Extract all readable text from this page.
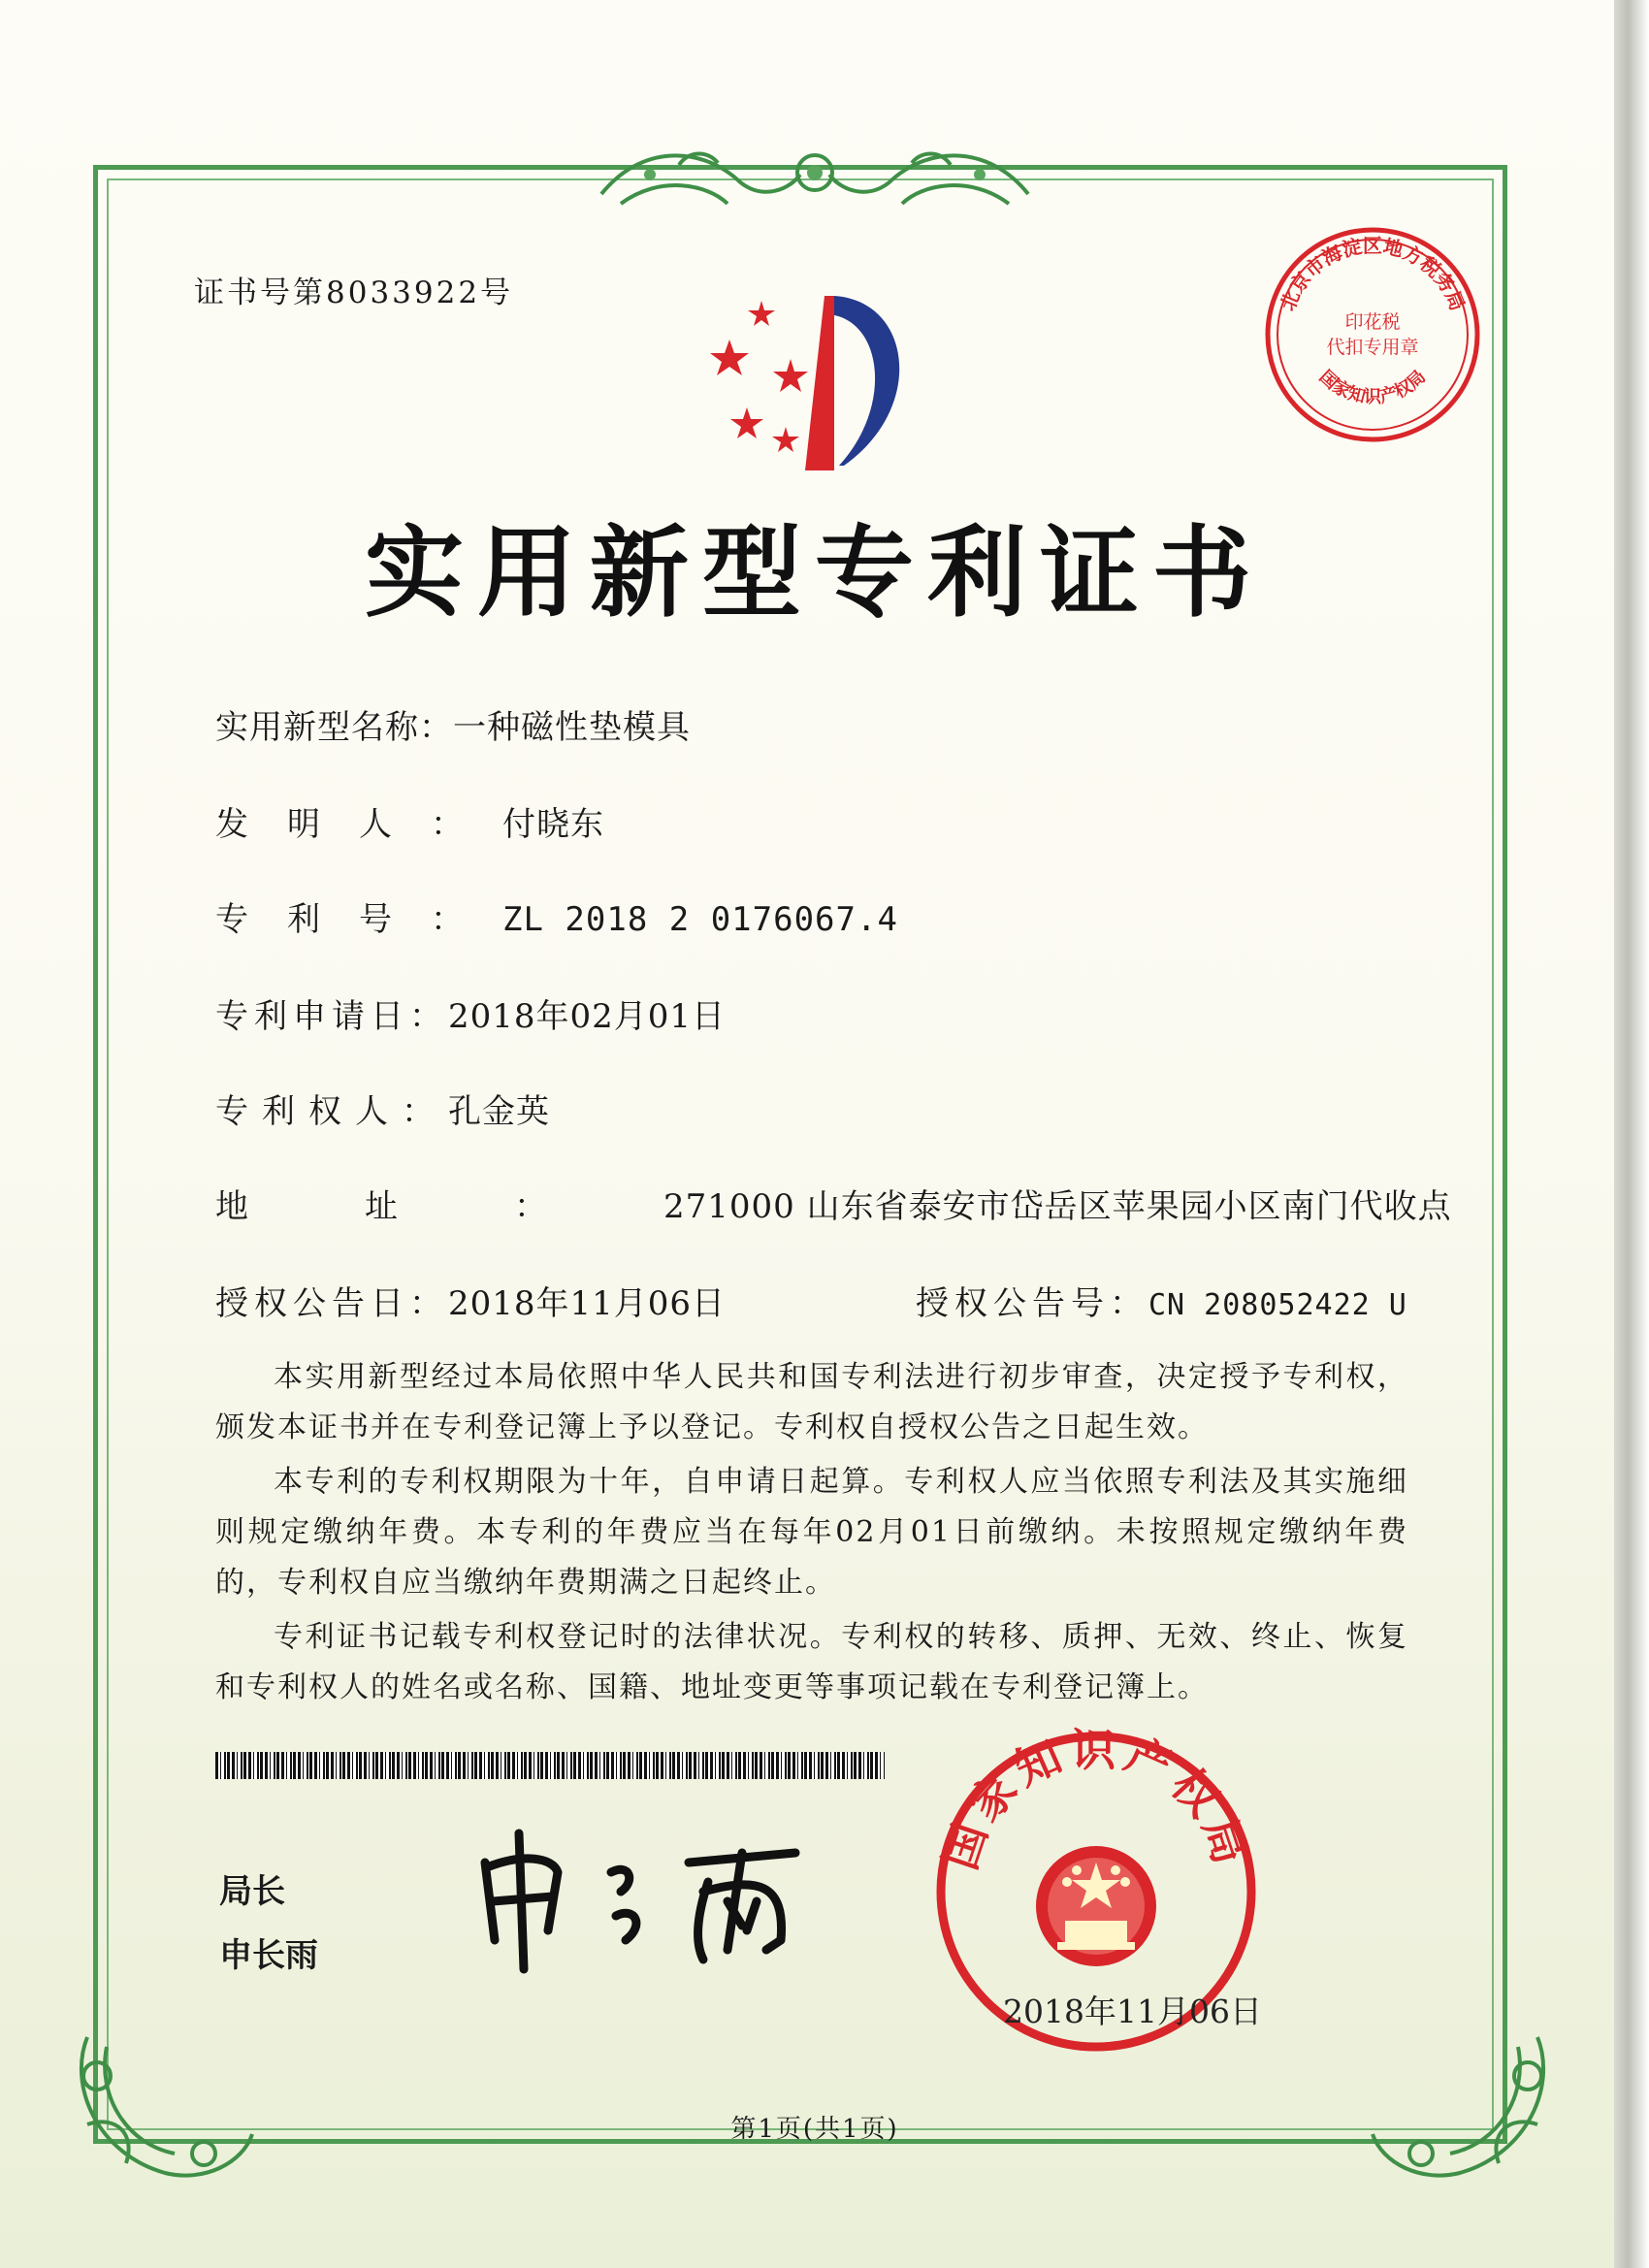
证书号第8033922号	北京市海淀区地方税务局
印花税
代扣专用章
国家知识产权局
实用新型专利证书
实用新型名称：一种磁性垫模具
发明人：付晓东
专利号：ZL 2018 2 0176067.4
专利申请日：2018年02月01日
专利权人：孔金英
地址：271000 山东省泰安市岱岳区苹果园小区南门代收点
授权公告日：2018年11月06日	授权公告号：CN 208052422 U

本实用新型经过本局依照中华人民共和国专利法进行初步审查，决定授予专利权，颁发本证书并在专利登记簿上予以登记。专利权自授权公告之日起生效。

本专利的专利权期限为十年，自申请日起算。专利权人应当依照专利法及其实施细则规定缴纳年费。本专利的年费应当在每年02月01日前缴纳。未按照规定缴纳年费的，专利权自应当缴纳年费期满之日起终止。

专利证书记载专利权登记时的法律状况。专利权的转移、质押、无效、终止、恢复和专利权人的姓名或名称、国籍、地址变更等事项记载在专利登记簿上。

局长
申长雨
国家知识产权局
2018年11月06日
第1页(共1页)
